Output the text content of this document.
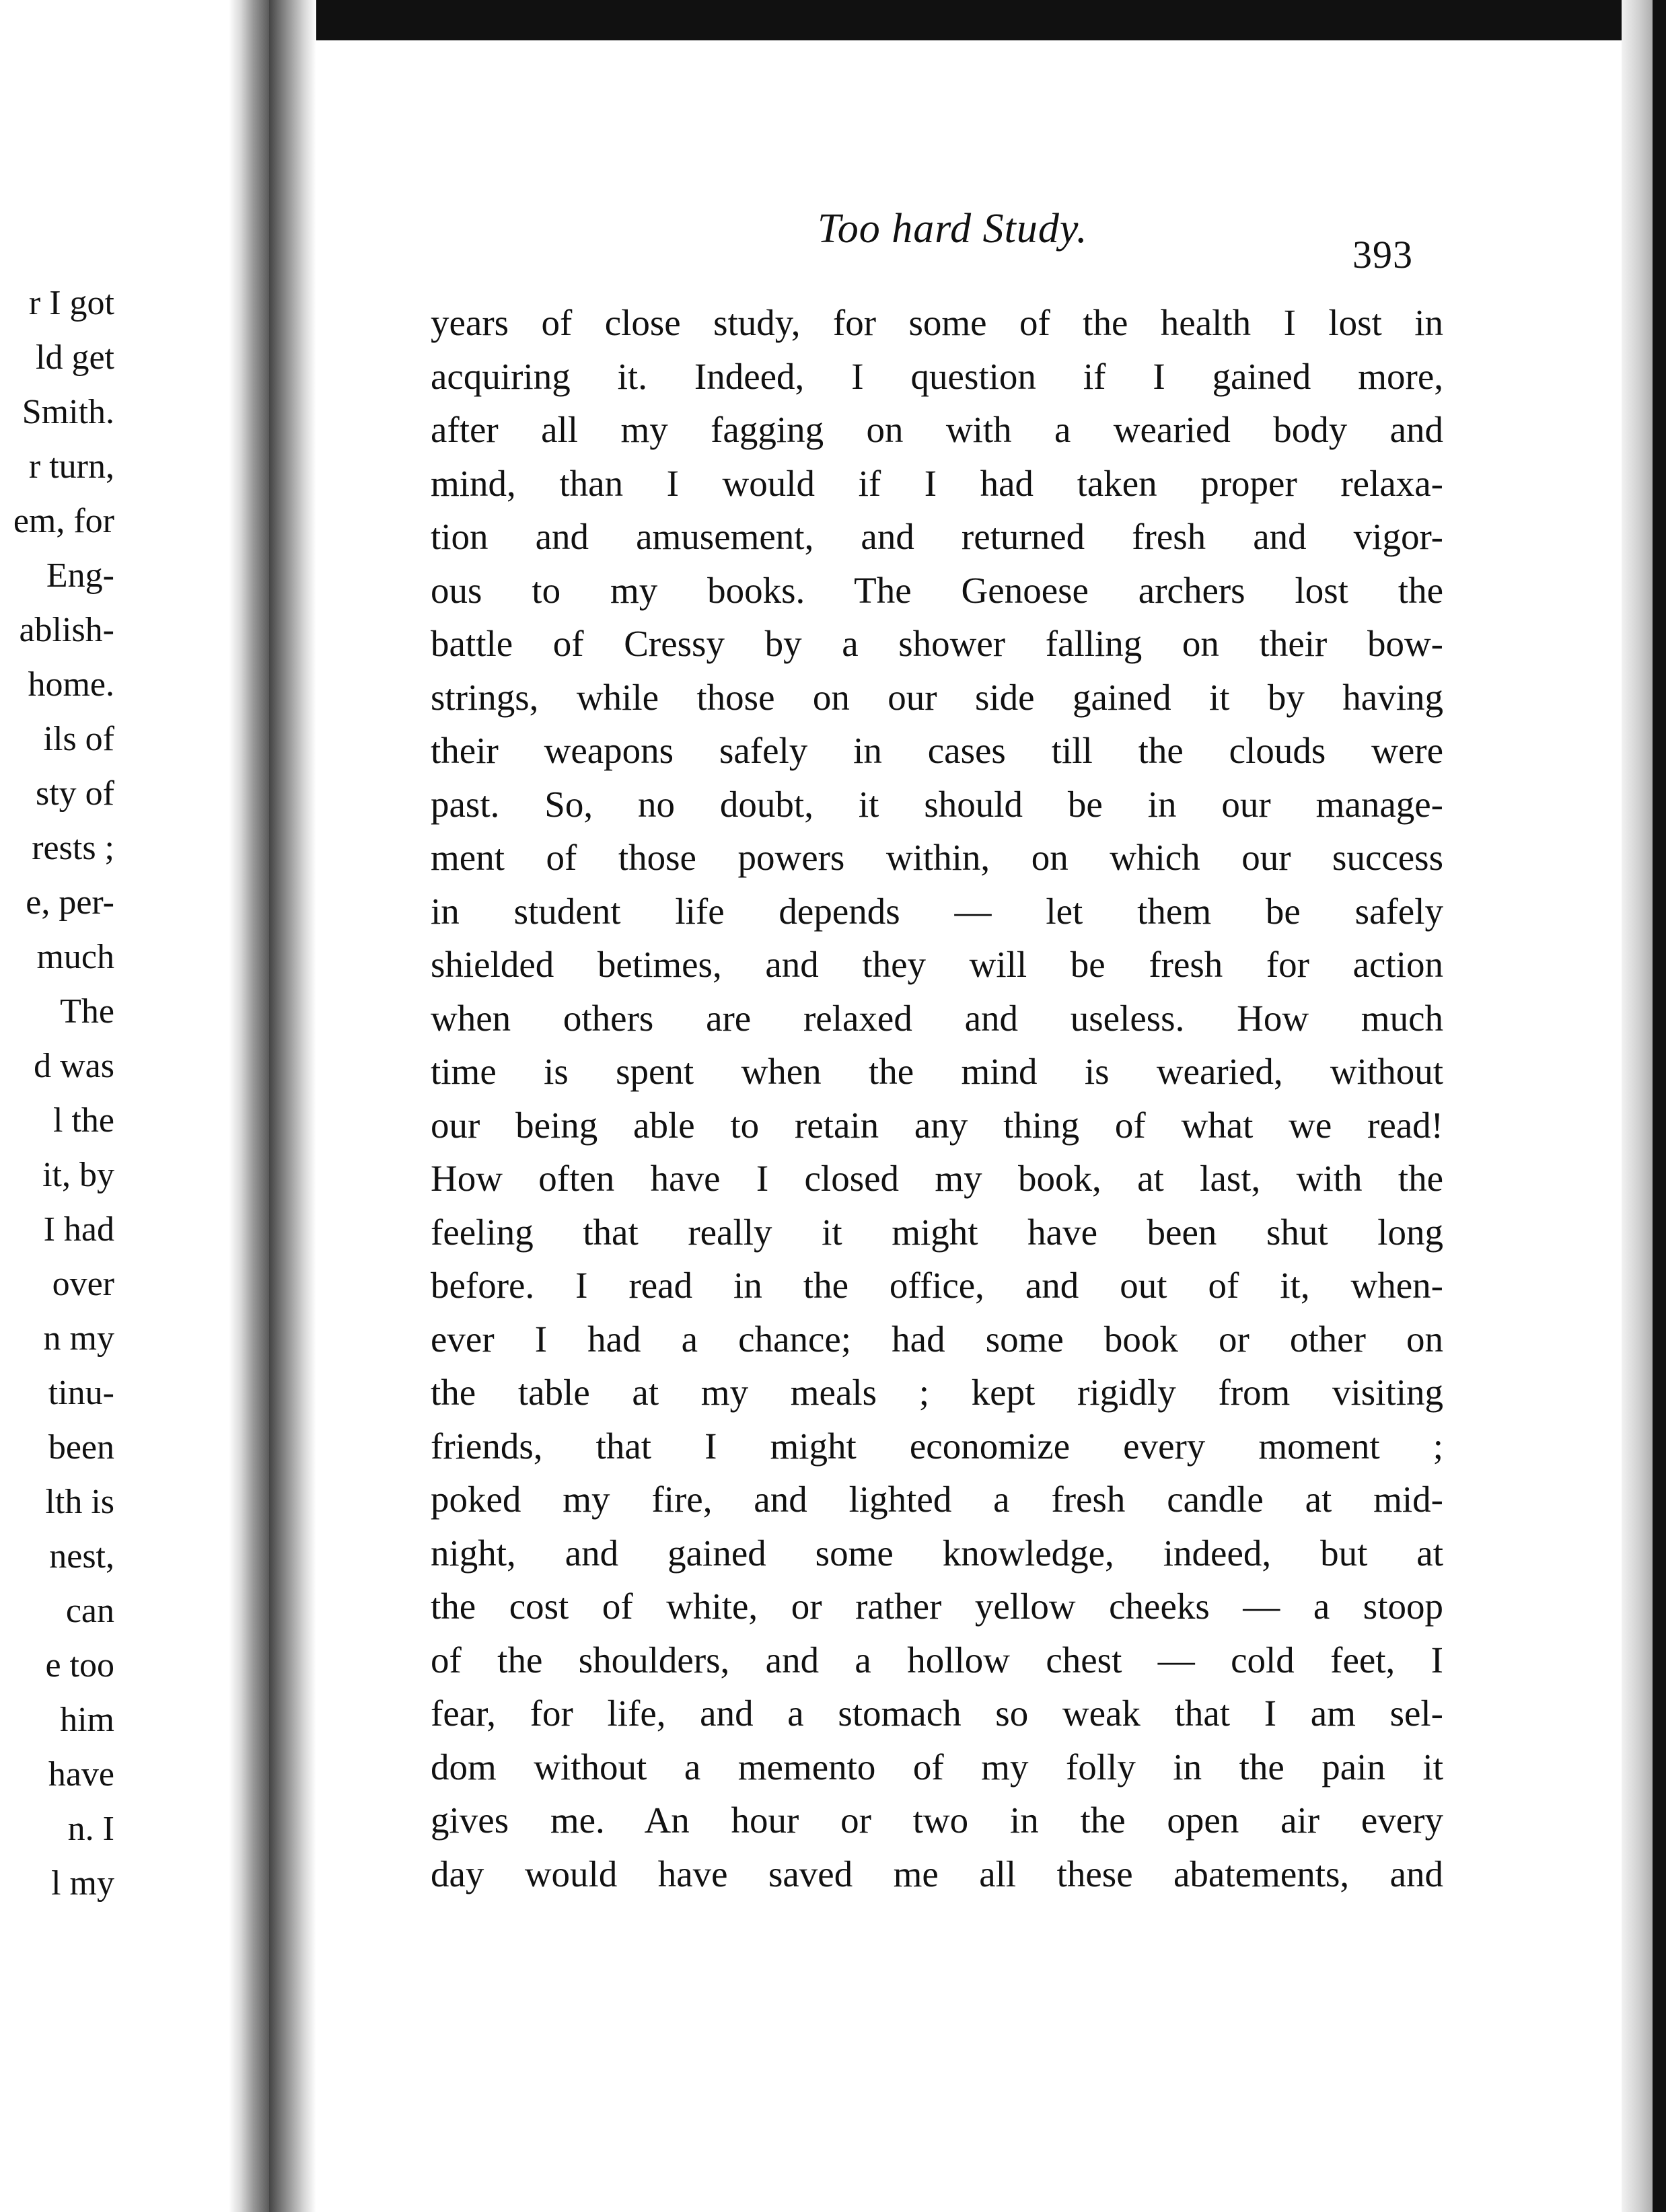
r I got
ld get
Smith.
r turn,
em, for
Eng-
ablish-
home.
ils of
sty of
rests ;
e, per-
much
The
d was
l the
it, by
I had
over
n my
tinu-
been
lth is
nest,
can
e too
him
have
n. I
l my
Too hard Study.
393
years of close study, for some of the health I lost in
acquiring it. Indeed, I question if I gained more,
after all my fagging on with a wearied body and
mind, than I would if I had taken proper relaxa-
tion and amusement, and returned fresh and vigor-
ous to my books. The Genoese archers lost the
battle of Cressy by a shower falling on their bow-
strings, while those on our side gained it by having
their weapons safely in cases till the clouds were
past. So, no doubt, it should be in our manage-
ment of those powers within, on which our success
in student life depends — let them be safely
shielded betimes, and they will be fresh for action
when others are relaxed and useless. How much
time is spent when the mind is wearied, without
our being able to retain any thing of what we read!
How often have I closed my book, at last, with the
feeling that really it might have been shut long
before. I read in the office, and out of it, when-
ever I had a chance; had some book or other on
the table at my meals ; kept rigidly from visiting
friends, that I might economize every moment ;
poked my fire, and lighted a fresh candle at mid-
night, and gained some knowledge, indeed, but at
the cost of white, or rather yellow cheeks — a stoop
of the shoulders, and a hollow chest — cold feet, I
fear, for life, and a stomach so weak that I am sel-
dom without a memento of my folly in the pain it
gives me. An hour or two in the open air every
day would have saved me all these abatements, and
